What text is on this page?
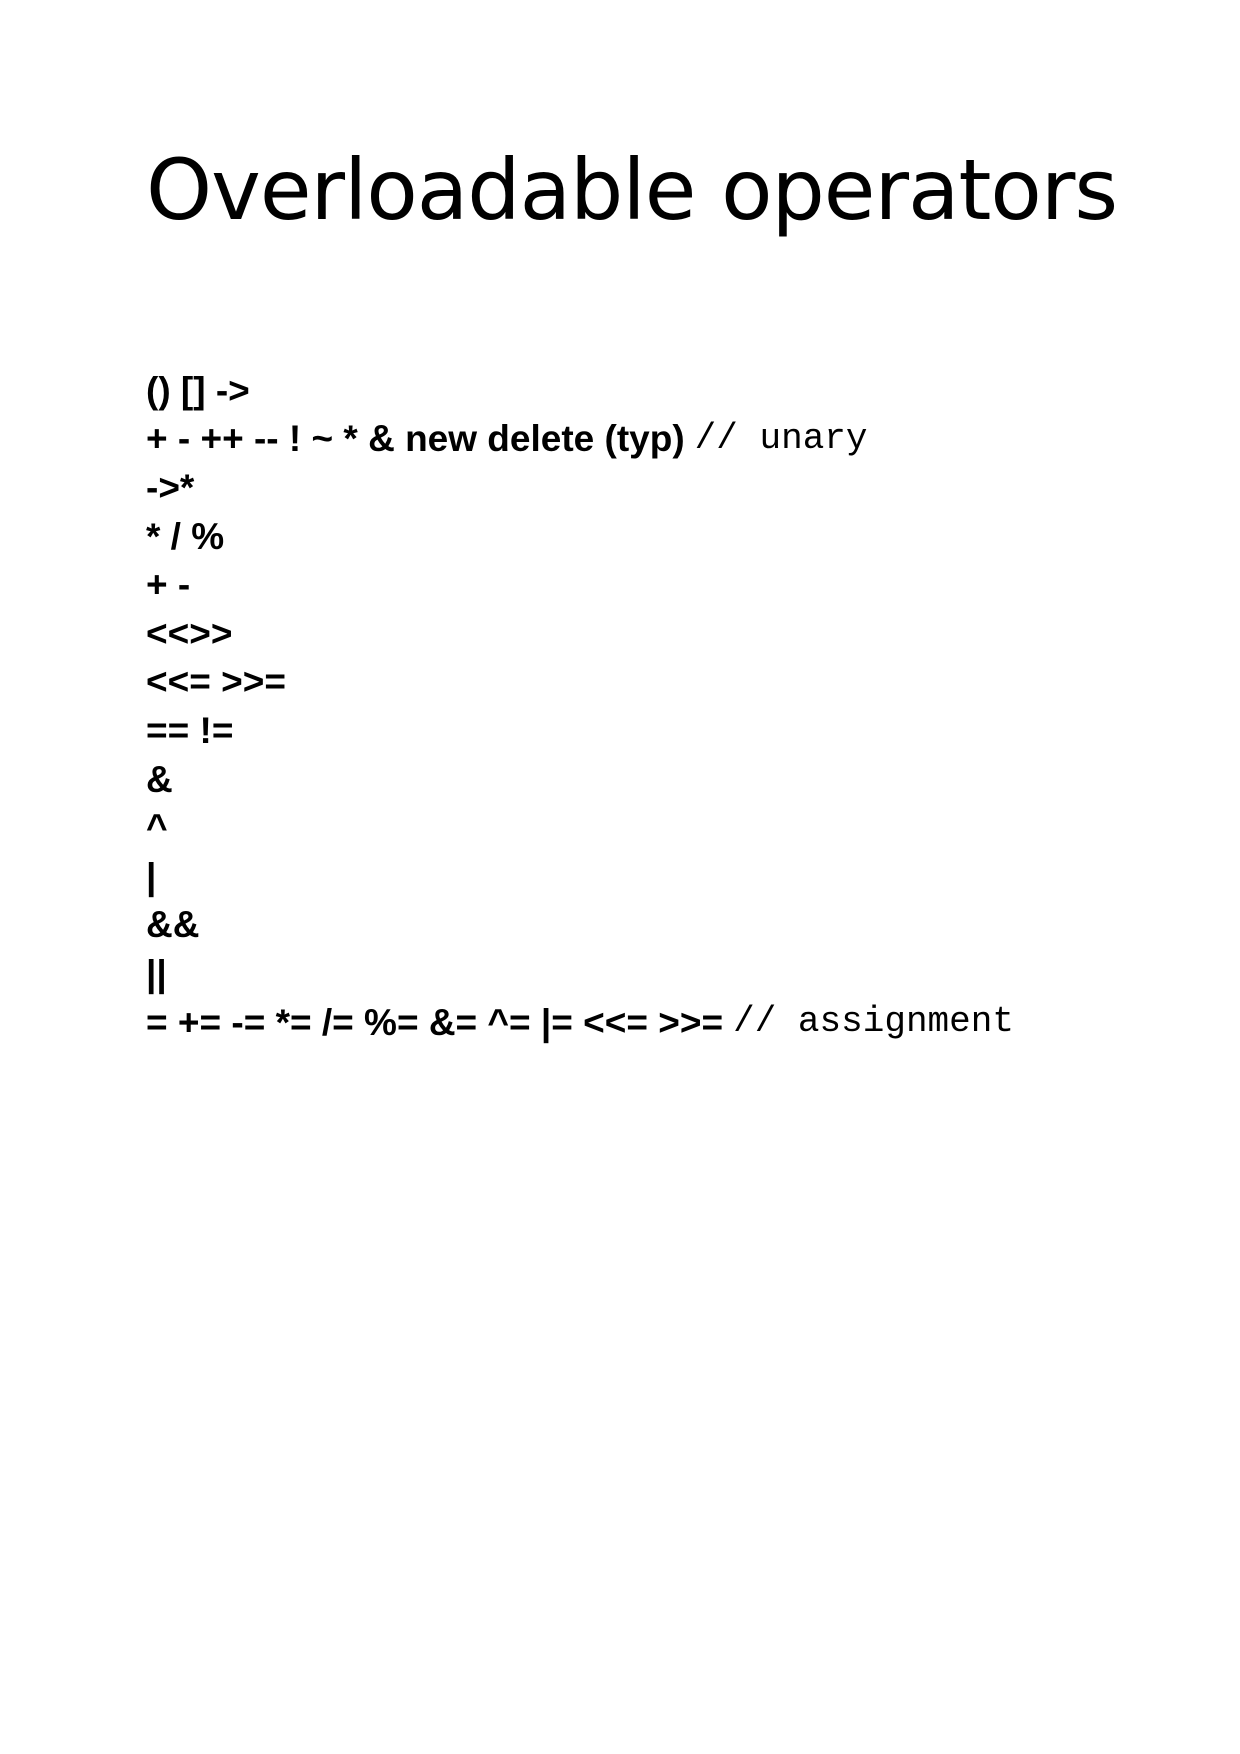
Overloadable operators
() [] ->
+ - ++ -- ! ~ * & new delete (typ) // unary
->*
* / %
+ -
<<>>
<<= >>=
== !=
&
^
|
&&
||
= += -= *= /= %= &= ^= |= <<= >>= // assignment
